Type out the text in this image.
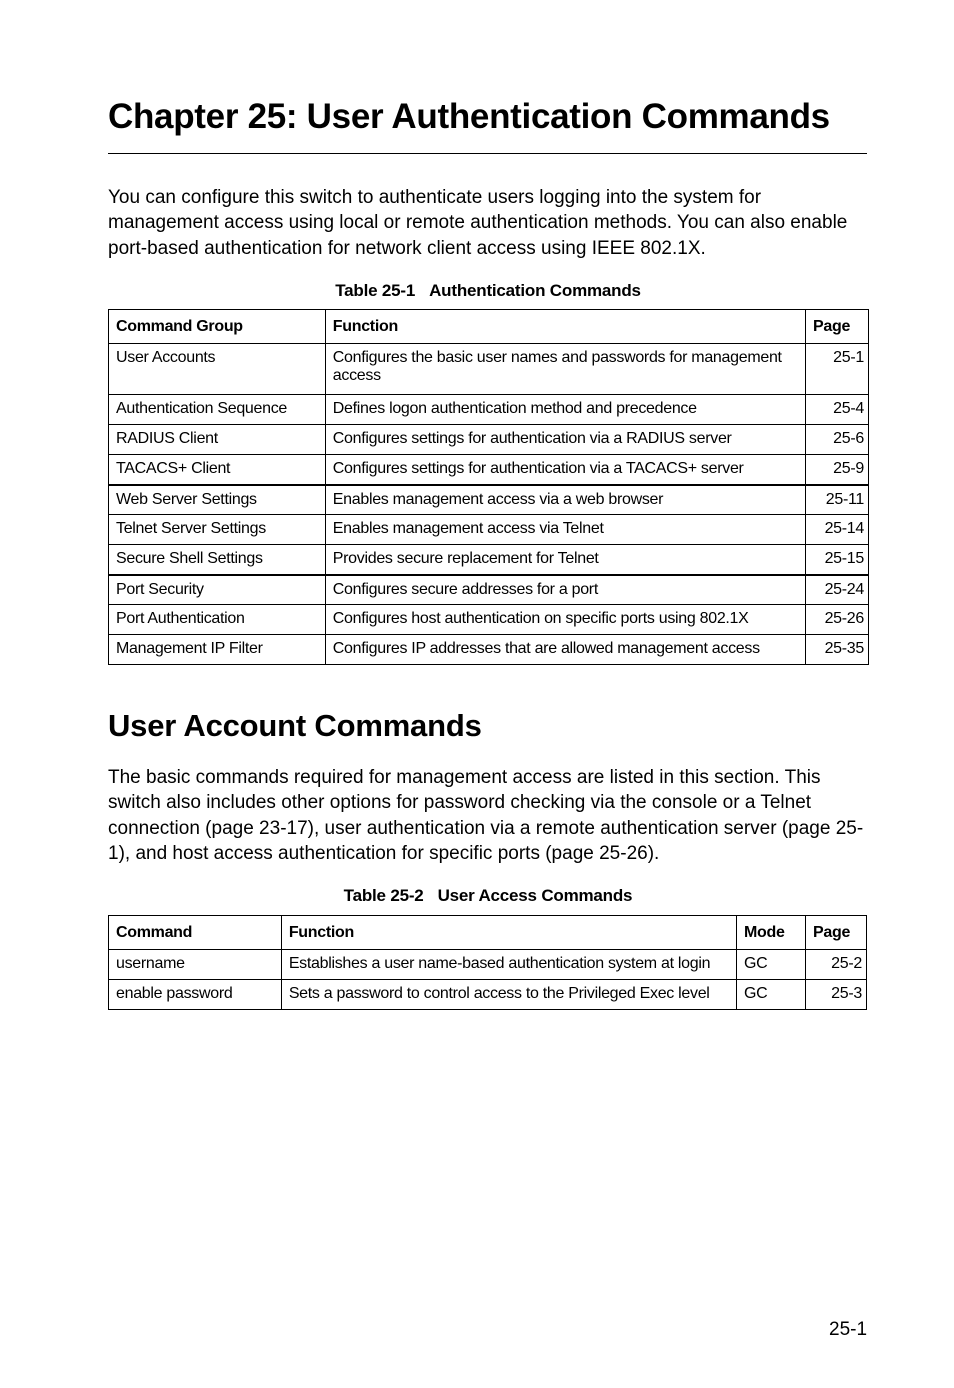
Chapter 25: User Authentication Commands

You can configure this switch to authenticate users logging into the system for management access using local or remote authentication methods. You can also enable port-based authentication for network client access using IEEE 802.1X.

Table 25-1 Authentication Commands

Command Group	Function	Page
User Accounts	Configures the basic user names and passwords for management access	25-1
Authentication Sequence	Defines logon authentication method and precedence	25-4
RADIUS Client	Configures settings for authentication via a RADIUS server	25-6
TACACS+ Client	Configures settings for authentication via a TACACS+ server	25-9
Web Server Settings	Enables management access via a web browser	25-11
Telnet Server Settings	Enables management access via Telnet	25-14
Secure Shell Settings	Provides secure replacement for Telnet	25-15
Port Security	Configures secure addresses for a port	25-24
Port Authentication	Configures host authentication on specific ports using 802.1X	25-26
Management IP Filter	Configures IP addresses that are allowed management access	25-35
User Account Commands

The basic commands required for management access are listed in this section. This switch also includes other options for password checking via the console or a Telnet connection (page 23-17), user authentication via a remote authentication server (page 25-1), and host access authentication for specific ports (page 25-26).

Table 25-2 User Access Commands

Command	Function	Mode	Page
username	Establishes a user name-based authentication system at login	GC	25-2
enable password	Sets a password to control access to the Privileged Exec level	GC	25-3

25-1
